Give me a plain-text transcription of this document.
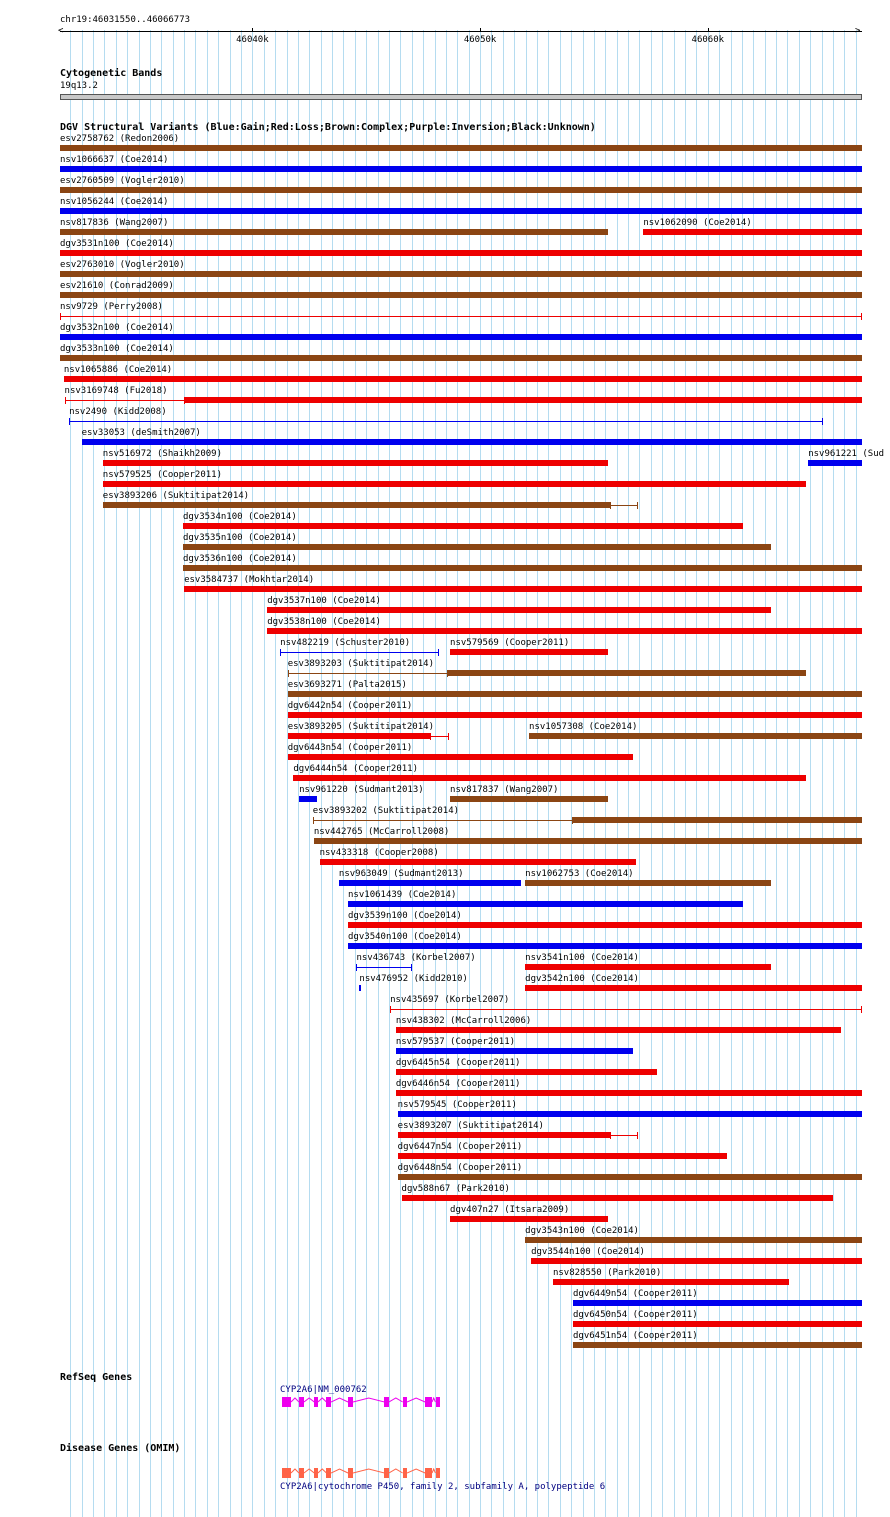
chr19:46031550..46066773
46040k	46050k	46060k
<	>
Cytogenetic Bands
19q13.2
DGV Structural Variants (Blue:Gain;Red:Loss;Brown:Complex;Purple:Inversion;Black:Unknown)
esv2758762 (Redon2006)
nsv1066637 (Coe2014)
esv2760509 (Vogler2010)
nsv1056244 (Coe2014)
nsv817836 (Wang2007)	nsv1062090 (Coe2014)
dgv3531n100 (Coe2014)
esv2763010 (Vogler2010)
esv21610 (Conrad2009)
nsv9729 (Perry2008)
dgv3532n100 (Coe2014)
dgv3533n100 (Coe2014)
nsv1065886 (Coe2014)
nsv3169748 (Fu2018)
nsv2490 (Kidd2008)
esv33053 (deSmith2007)
nsv516972 (Shaikh2009)	nsv961221 (Sud
nsv579525 (Cooper2011)
esv3893206 (Suktitipat2014)
dgv3534n100 (Coe2014)
dgv3535n100 (Coe2014)
dgv3536n100 (Coe2014)
esv3584737 (Mokhtar2014)
dgv3537n100 (Coe2014)
dgv3538n100 (Coe2014)
nsv482219 (Schuster2010)	nsv579569 (Cooper2011)
esv3893203 (Suktitipat2014)
esv3693271 (Palta2015)
dgv6442n54 (Cooper2011)
esv3893205 (Suktitipat2014)	nsv1057308 (Coe2014)
dgv6443n54 (Cooper2011)
dgv6444n54 (Cooper2011)
nsv961220 (Sudmant2013)	nsv817837 (Wang2007)
esv3893202 (Suktitipat2014)
nsv442765 (McCarroll2008)
nsv433318 (Cooper2008)
nsv963049 (Sudmant2013)	nsv1062753 (Coe2014)
nsv1061439 (Coe2014)
dgv3539n100 (Coe2014)
dgv3540n100 (Coe2014)
nsv436743 (Korbel2007)	nsv3541n100 (Coe2014)
nsv476952 (Kidd2010)	dgv3542n100 (Coe2014)
nsv435697 (Korbel2007)
nsv438302 (McCarroll2006)
nsv579537 (Cooper2011)
dgv6445n54 (Cooper2011)
dgv6446n54 (Cooper2011)
nsv579545 (Cooper2011)
esv3893207 (Suktitipat2014)
dgv6447n54 (Cooper2011)
dgv6448n54 (Cooper2011)
dgv588n67 (Park2010)
dgv407n27 (Itsara2009)
dgv3543n100 (Coe2014)
dgv3544n100 (Coe2014)
nsv828550 (Park2010)
dgv6449n54 (Cooper2011)
dgv6450n54 (Cooper2011)
dgv6451n54 (Cooper2011)
RefSeq Genes
CYP2A6|NM_000762
Disease Genes (OMIM)
CYP2A6|cytochrome P450, family 2, subfamily A, polypeptide 6
